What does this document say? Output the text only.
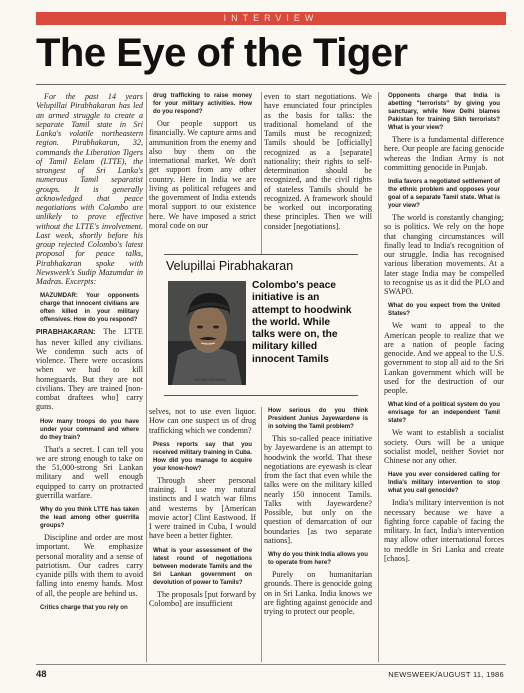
INTERVIEW
The Eye of the Tiger

For the past 14 years Velupillai Pirabhakaran has led an armed struggle to create a separate Tamil state in Sri Lanka's volatile northeastern region. Pirabhakaran, 32, commands the Liberation Tigers of Tamil Eelam (LTTE), the strongest of Sri Lanka's numerous Tamil separatist groups. It is generally acknowledged that peace negotiations with Colombo are unlikely to prove effective without the LTTE's involvement. Last week, shortly before his group rejected Colombo's latest proposal for peace talks, Pirabhakaran spoke with Newsweek's Sudip Mazumdar in Madras. Excerpts:

MAZUMDAR: Your opponents charge that innocent civilians are often killed in your military offensives. How do you respond?

PIRABHAKARAN: The LTTE has never killed any civilians. We condemn such acts of violence. There were occasions when we had to kill homeguards. But they are not civilians. They are trained [non-combat draftees who] carry guns.

How many troops do you have under your command and where do they train?

That's a secret. I can tell you we are strong enough to take on the 51,000-strong Sri Lankan military and well enough equipped to carry on protracted guerrilla warfare.

Why do you think LTTE has taken the lead among other guerrilla groups?

Discipline and order are most important. We emphasize personal morality and a sense of patriotism. Our cadres carry cyanide pills with them to avoid falling into enemy hands. Most of all, the people are behind us.

Critics charge that you rely on

drug trafficking to raise money for your military activities. How do you respond?

Our people support us financially. We capture arms and ammunition from the enemy and also buy them on the international market. We don't get support from any other country. Here in India we are living as political refugees and the government of India extends moral support to our existence here. We have imposed a strict moral code on our

even to start negotiations. We have enunciated four principles as the basis for talks: the traditional homeland of the Tamils must be recognized; Tamils should be [officially] recognized as a [separate] nationality; their rights to self-determination should be recognized, and the civil rights of stateless Tamils should be recognized. A framework should be worked out incorporating these principles. Then we will consider [negotiations].

selves, not to use even liquor. How can one suspect us of drug trafficking which we condemn?

Press reports say that you received military training in Cuba. How did you manage to acquire your know-how?

Through sheer personal training. I use my natural instincts and I watch war films and westerns by [American movie actor] Clint Eastwood. If I were trained in Cuba, I would have been a better fighter.

What is your assessment of the latest round of negotiations between moderate Tamils and the Sri Lankan government on devolution of power to Tamils?

The proposals [put forward by Colombo] are insufficient

How serious do you think President Junius Jayewardene is in solving the Tamil problem?

This so-called peace initiative by Jayewardene is an attempt to hoodwink the world. That these negotiations are eyewash is clear from the fact that even while the talks were on the military killed nearly 150 innocent Tamils. Talks with Jayewardene? Possible, but only on the question of demarcation of our boundaries [as two separate nations].

Why do you think India allows you to operate from here?

Purely on humanitarian grounds. There is genocide going on in Sri Lanka. India knows we are fighting against genocide and trying to protect our people.

Opponents charge that India is abetting "terrorists" by giving you sanctuary, while New Delhi blames Pakistan for training Sikh terrorists? What is your view?

There is a fundamental difference here. Our people are facing genocide whereas the Indian Army is not committing genocide in Punjab.

India favors a negotiated settlement of the ethnic problem and opposes your goal of a separate Tamil state. What is your view?

The world is constantly changing; so is politics. We rely on the hope that changing circumstances will finally lead to India's recognition of our struggle. India has recognised various liberation movements. At a later stage India may be compelled to recognise us as it did the PLO and SWAPO.

What do you expect from the United States?

We want to appeal to the American people to realize that we are a nation of people facing genocide. And we appeal to the U.S. government to stop all aid to the Sri Lankan government which will be used for the destruction of our people.

What kind of a political system do you envisage for an independent Tamil state?

We want to establish a socialist society. Ours will be a unique socialist model, neither Soviet nor Chinese nor any other.

Have you ever considered calling for India's military intervention to stop what you call genocide?

India's military intervention is not necessary because we have a fighting force capable of facing the military. In fact, India's intervention may allow other international forces to meddle in Sri Lanka and create [chaos].

Velupillai Pirabhakaran
SHYAM TERWANI
Colombo's peace initiative is an attempt to hoodwink the world. While talks were on, the military killed innocent Tamils
48	NEWSWEEK/AUGUST 11, 1986
